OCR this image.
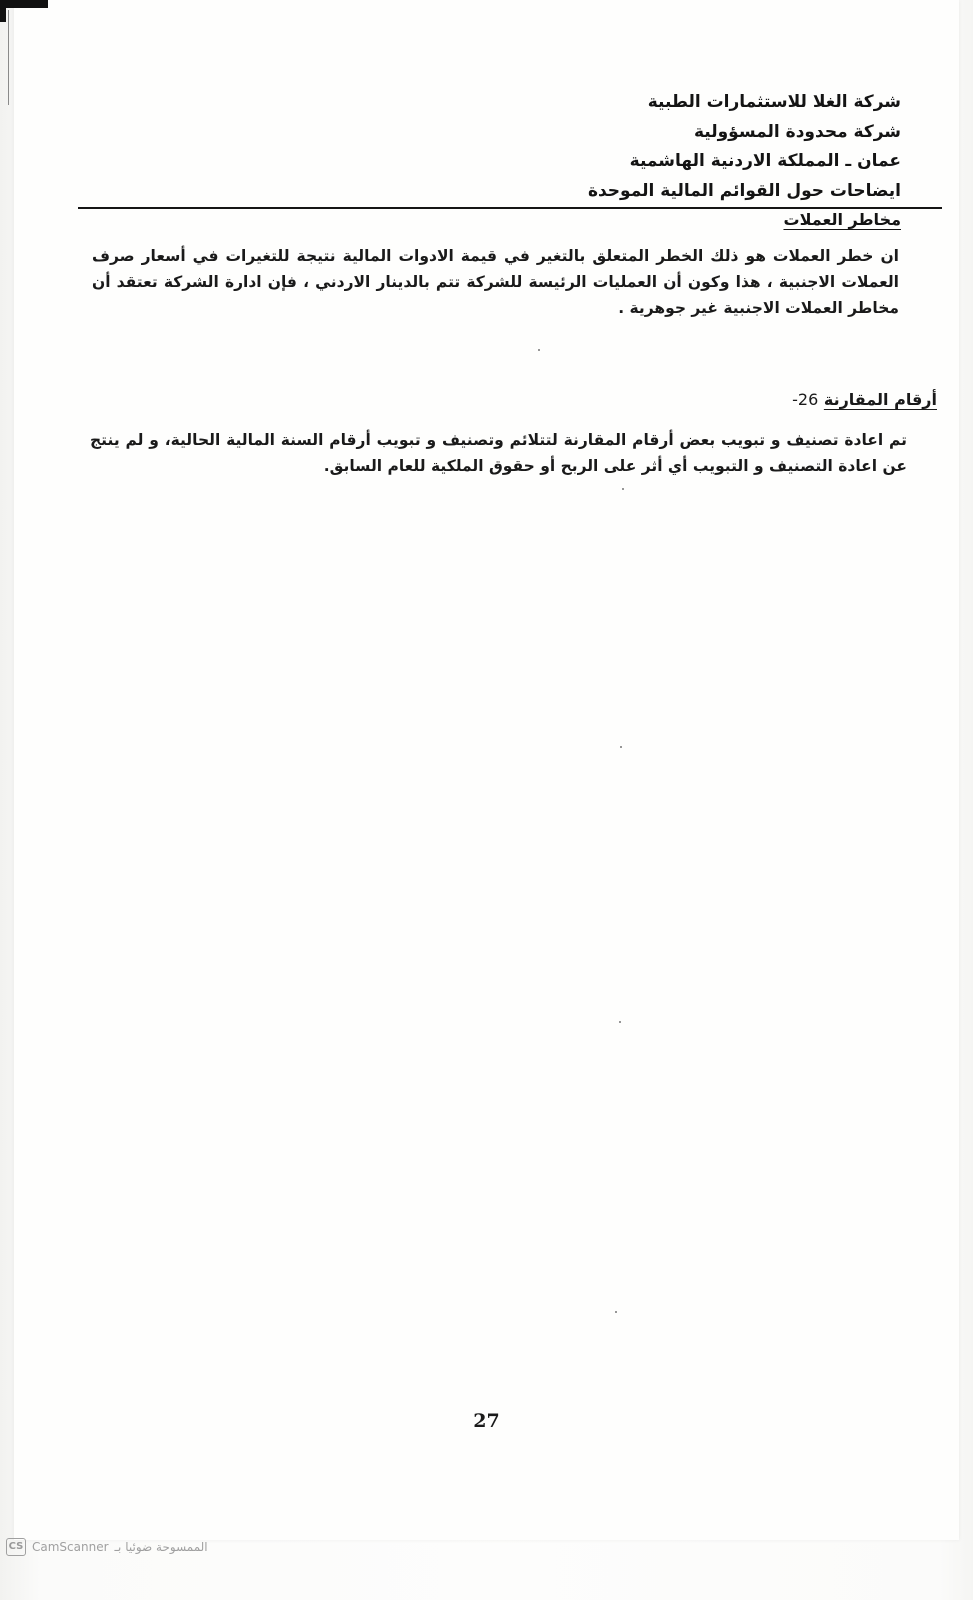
شركة الغلا للاستثمارات الطبية
شركة محدودة المسؤولية
عمان ـ المملكة الاردنية الهاشمية
ايضاحات حول القوائم المالية الموحدة
مخاطر العملات
ان خطر العملات هو ذلك الخطر المتعلق بالتغير في قيمة الادوات المالية نتيجة للتغيرات في أسعار صرف العملات الاجنبية ، هذا وكون أن العمليات الرئيسة للشركة تتم بالدينار الاردني ، فإن ادارة الشركة تعتقد أن مخاطر العملات الاجنبية غير جوهرية .
أرقام المقارنة 26-
تم اعادة تصنيف و تبويب بعض أرقام المقارنة لتتلائم وتصنيف و تبويب أرقام السنة المالية الحالية، و لم ينتج عن اعادة التصنيف و التبويب أي أثر على الربح أو حقوق الملكية للعام السابق.
27
CS CamScanner الممسوحة ضوئيا بـ
